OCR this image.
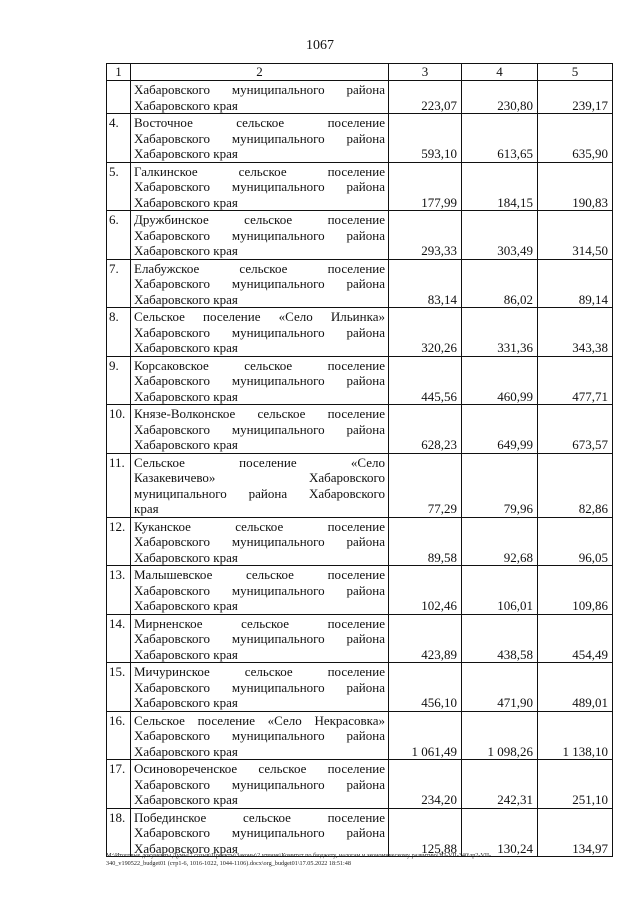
1067
1	2	3	4	5

	Хабаровского муниципального района
Хабаровского края	223,07	230,80	239,17
4.	Восточное сельское поселение
Хабаровского муниципального района
Хабаровского края	593,10	613,65	635,90
5.	Галкинское сельское поселение
Хабаровского муниципального района
Хабаровского края	177,99	184,15	190,83
6.	Дружбинское сельское поселение
Хабаровского муниципального района
Хабаровского края	293,33	303,49	314,50
7.	Елабужское сельское поселение
Хабаровского муниципального района
Хабаровского края	83,14	86,02	89,14
8.	Сельское поселение «Село Ильинка»
Хабаровского муниципального района
Хабаровского края	320,26	331,36	343,38
9.	Корсаковское сельское поселение
Хабаровского муниципального района
Хабаровского края	445,56	460,99	477,71
10.	Князе-Волконское сельское поселение
Хабаровского муниципального района
Хабаровского края	628,23	649,99	673,57
11.	Сельское поселение «Село
Казакевичево» Хабаровского
муниципального района Хабаровского
края	77,29	79,96	82,86
12.	Куканское сельское поселение
Хабаровского муниципального района
Хабаровского края	89,58	92,68	96,05
13.	Малышевское сельское поселение
Хабаровского муниципального района
Хабаровского края	102,46	106,01	109,86
14.	Мирненское сельское поселение
Хабаровского муниципального района
Хабаровского края	423,89	438,58	454,49
15.	Мичуринское сельское поселение
Хабаровского муниципального района
Хабаровского края	456,10	471,90	489,01
16.	Сельское поселение «Село Некрасовка»
Хабаровского муниципального района
Хабаровского края	1 061,49	1 098,26	1 138,10
17.	Осиновореченское сельское поселение
Хабаровского муниципального района
Хабаровского края	234,20	242,31	251,10
18.	Побединское сельское поселение
Хабаровского муниципального района
Хабаровского края	125,88	130,24	134,97
M:\Итоговые документы Думы\7 созыв\Проекты\Законы\2 чтение\Комитет по бюджету, налогам и экономическому развитию\ЗП-VII-340\зр2-VII-
340_v190522_budget01 (стр1-6, 1016-1022, 1044-1106).docx\org_budget01\17.05.2022 18:51:48
